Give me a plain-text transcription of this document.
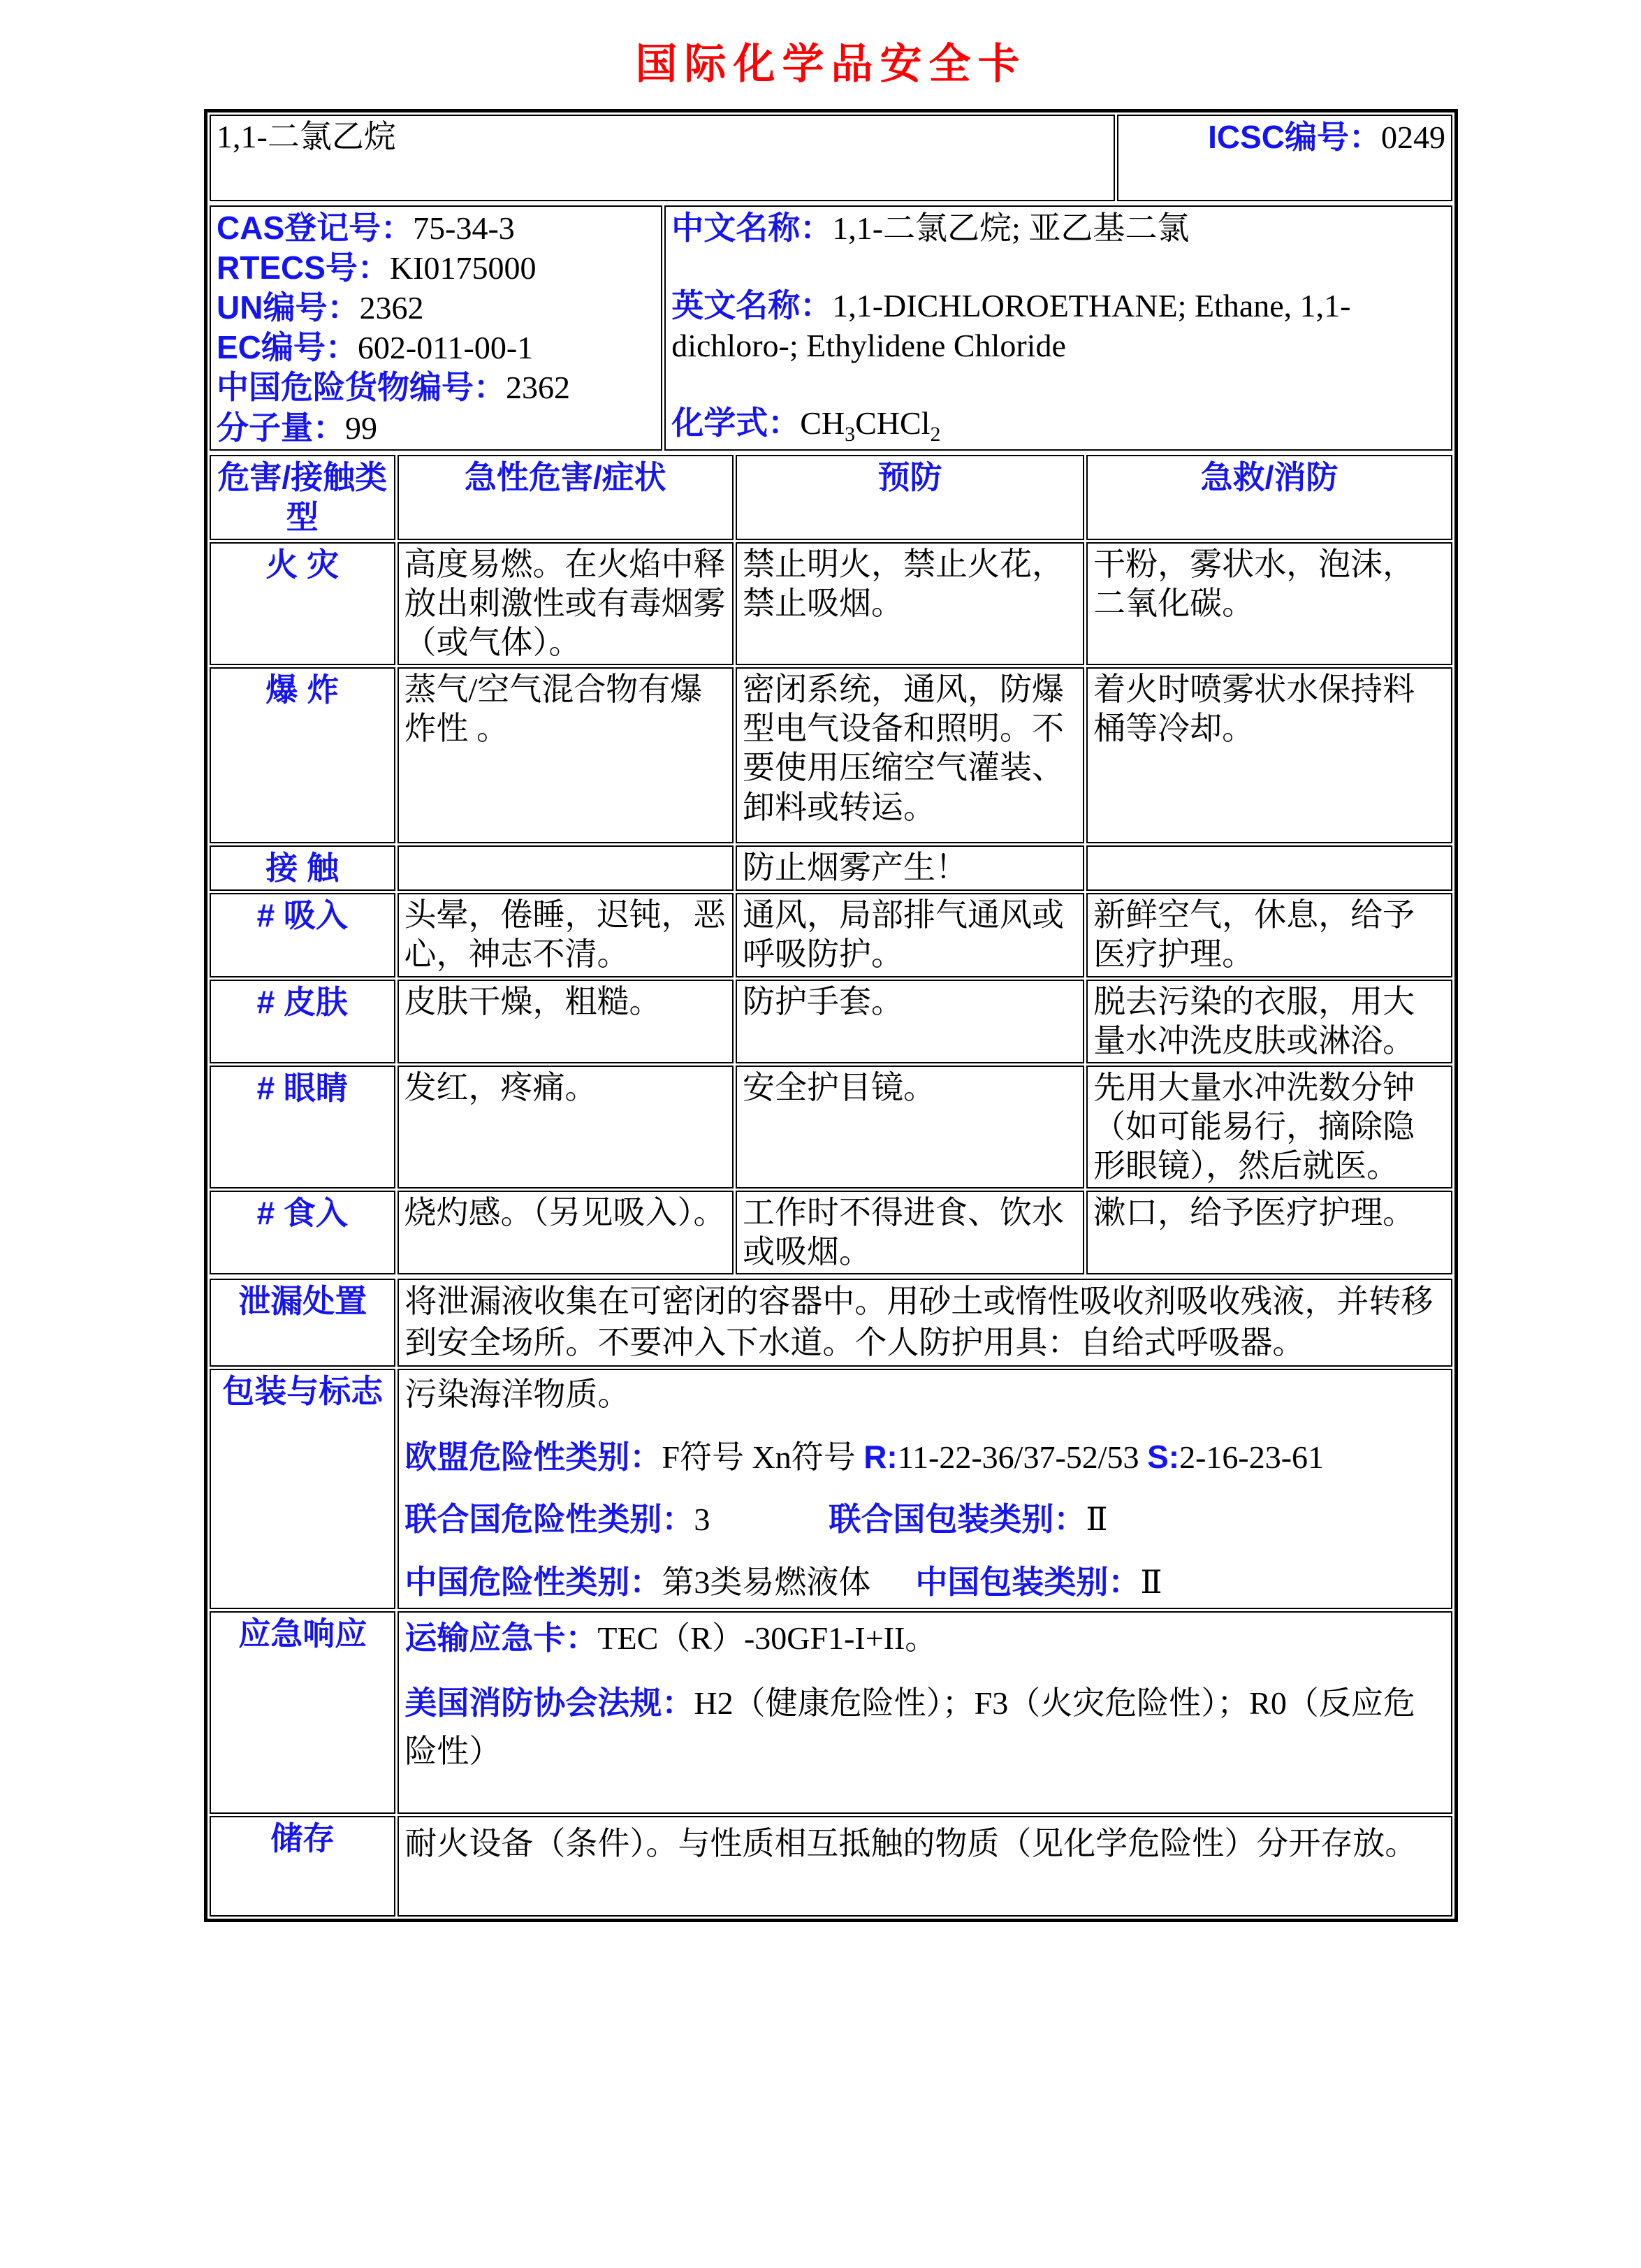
国际化学品安全卡
1,1-二氯乙烷	ICSC编号：0249
CAS登记号：75-34-3
RTECS号：KI0175000
UN编号：2362
EC编号：602-011-00-1
中国危险货物编号：2362
分子量：99

中文名称：1,1-二氯乙烷; 亚乙基二氯
英文名称：1,1-DICHLOROETHANE; Ethane, 1,1-dichloro-; Ethylidene Chloride
化学式：$CH_3CHCl_2$
危害/接触类型	急性危害/症状	预防	急救/消防
火 灾	高度易燃。在火焰中释放出刺激性或有毒烟雾（或气体）。	禁止明火，禁止火花，禁止吸烟。	干粉，雾状水，泡沫，二氧化碳。
爆 炸	蒸气/空气混合物有爆炸性 。	密闭系统，通风，防爆型电气设备和照明。不要使用压缩空气灌装、卸料或转运。	着火时喷雾状水保持料桶等冷却。
接 触		防止烟雾产生！	
# 吸入	头晕，倦睡，迟钝，恶心，神志不清。	通风，局部排气通风或呼吸防护。	新鲜空气，休息，给予医疗护理。
# 皮肤	皮肤干燥，粗糙。	防护手套。	脱去污染的衣服，用大量水冲洗皮肤或淋浴。
# 眼睛	发红，疼痛。	安全护目镜。	先用大量水冲洗数分钟（如可能易行，摘除隐形眼镜），然后就医。
# 食入	烧灼感。（另见吸入）。	工作时不得进食、饮水或吸烟。	漱口，给予医疗护理。
泄漏处置	将泄漏液收集在可密闭的容器中。用砂土或惰性吸收剂吸收残液，并转移到安全场所。不要冲入下水道。个人防护用具：自给式呼吸器。

包装与标志	污染海洋物质。

欧盟危险性类别：F符号 Xn符号 R:11-22-36/37-52/53 S:2-16-23-61

联合国危险性类别：3 联合国包装类别：Ⅱ

中国危险性类别：第3类易燃液体 中国包装类别：Ⅱ

应急响应	运输应急卡：TEC（R）-30GF1-I+II。

美国消防协会法规：H2（健康危险性）；F3（火灾危险性）；R0（反应危险性）

储存	耐火设备（条件）。与性质相互抵触的物质（见化学危险性）分开存放。
